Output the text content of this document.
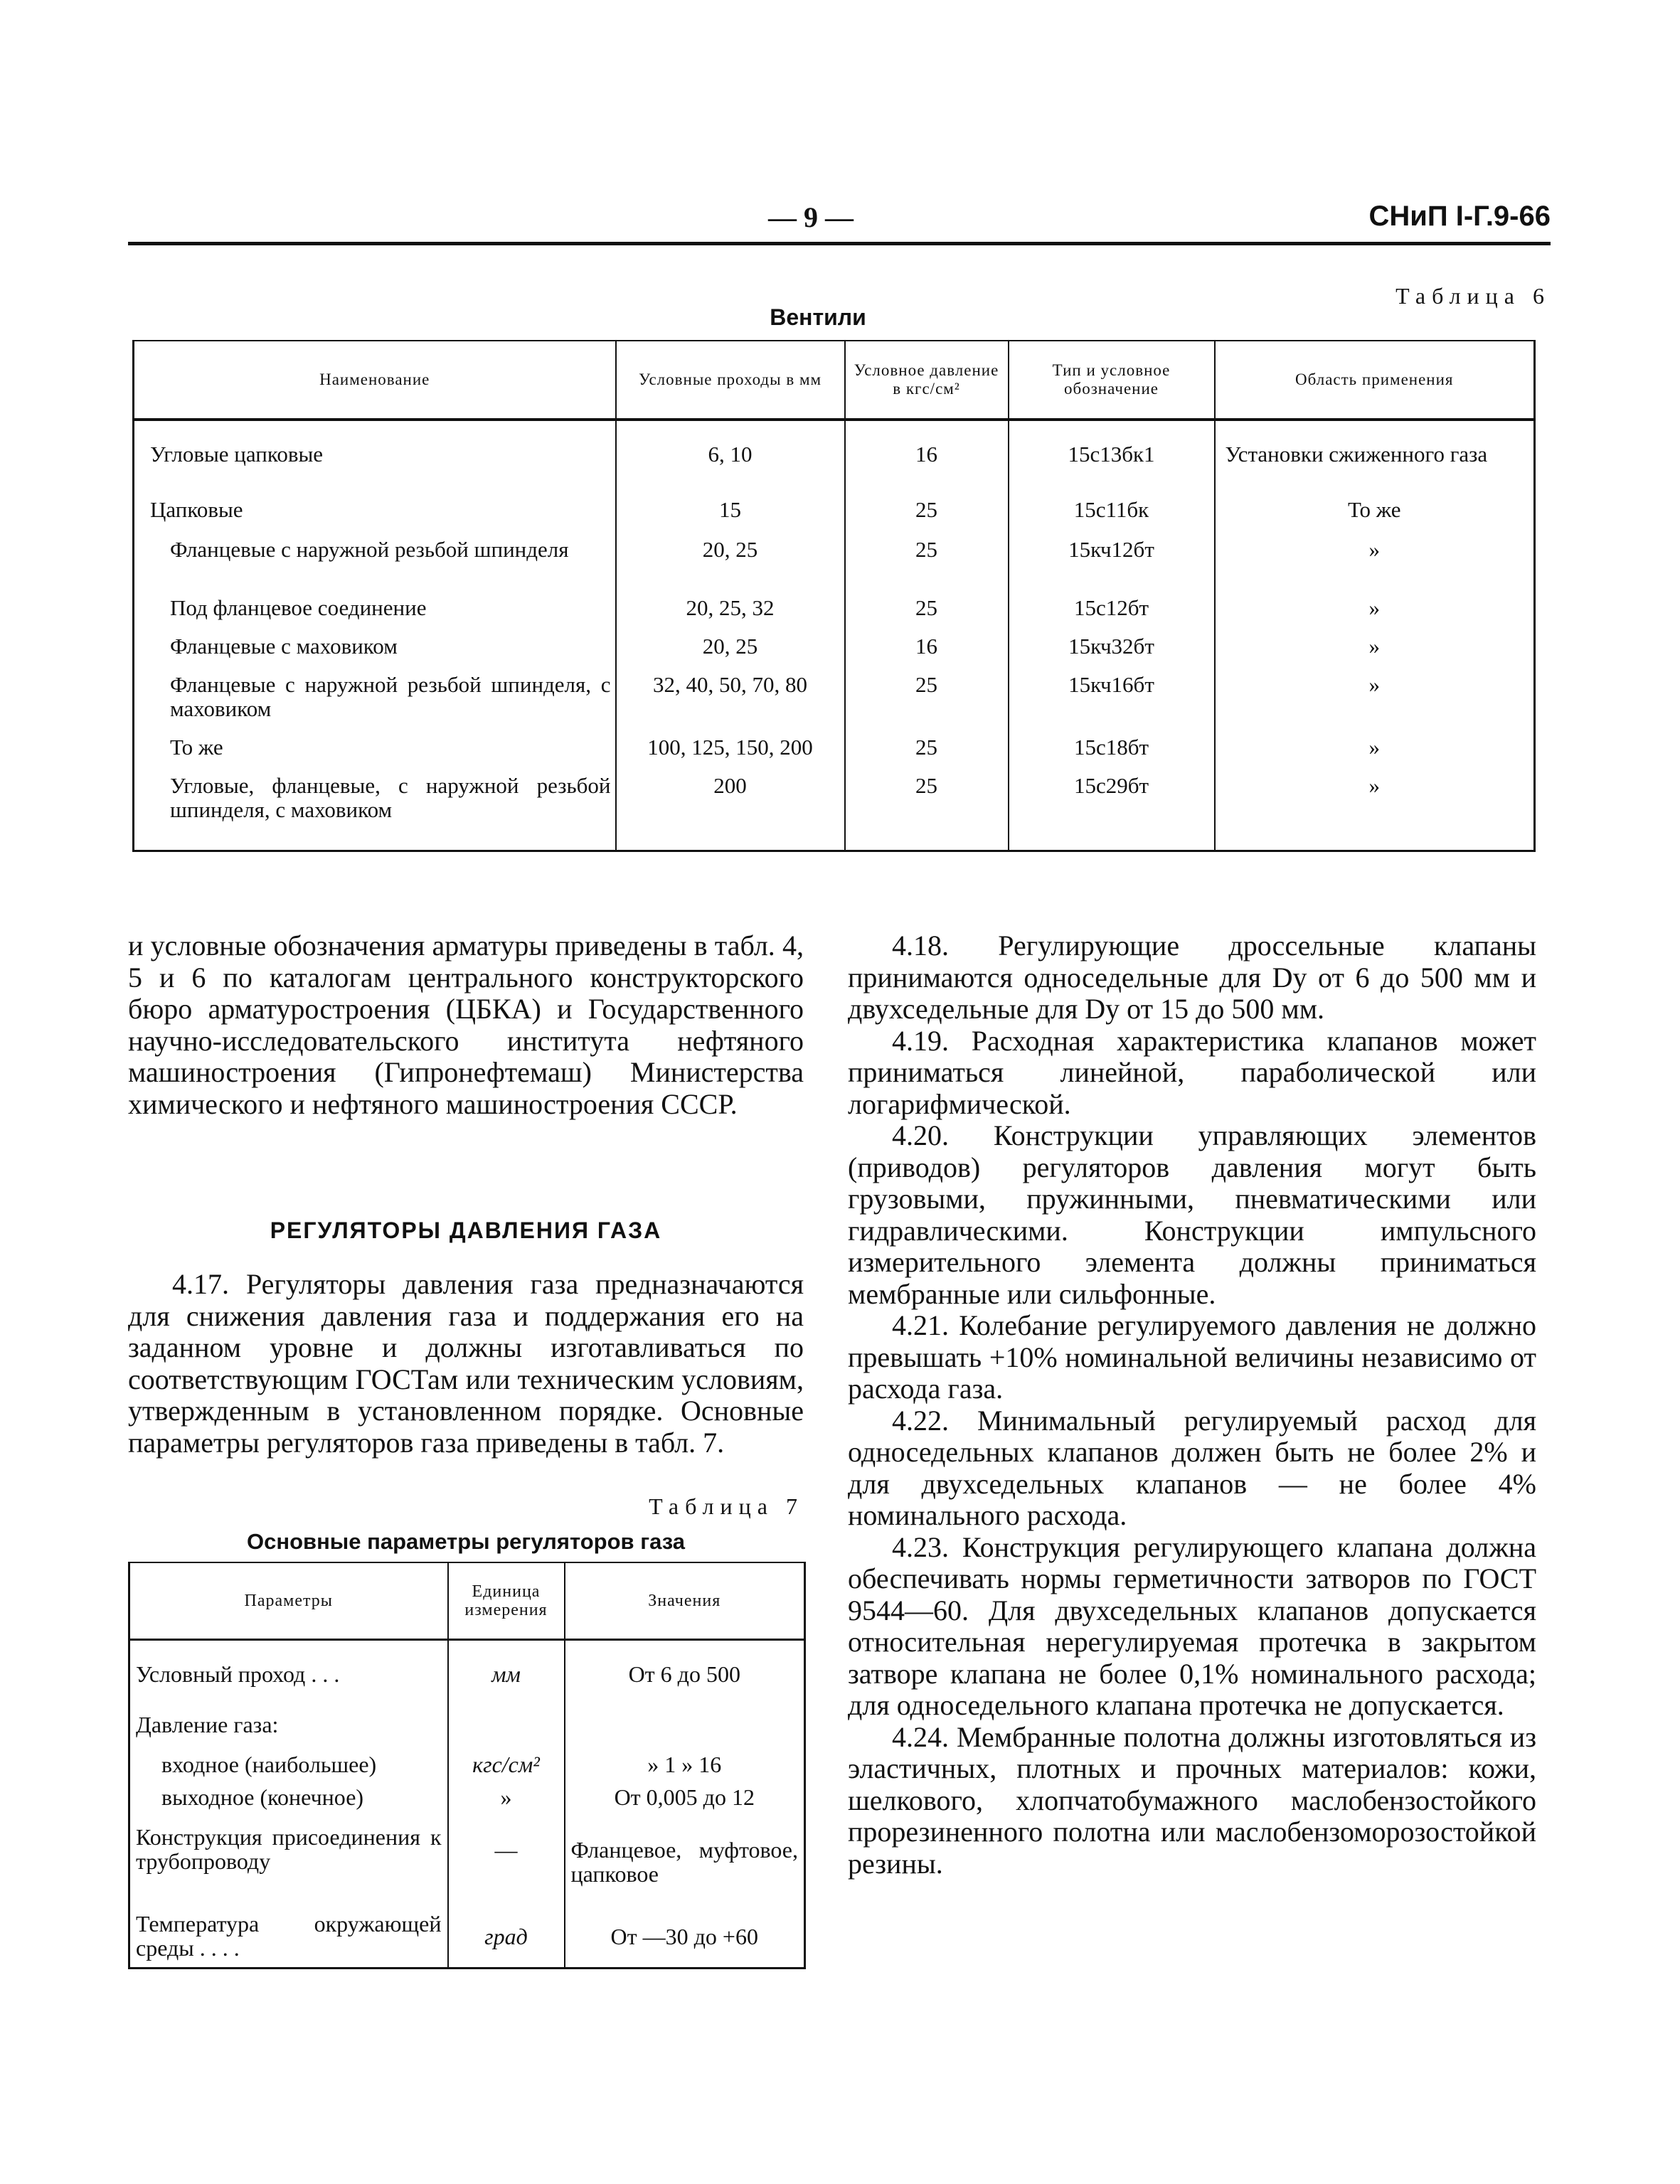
— 9 —	СНиП I-Г.9-66
Таблица 6
Вентили
Наименование	Условные проходы в мм	Условное давление в кгс/см²	Тип и условное обозначение	Область применения
Угловые цапковые	6, 10	16	15с13бк1	Установки сжиженного газа
Цапковые	15	25	15с11бк	То же
Фланцевые с наружной резьбой шпинделя	20, 25	25	15кч12бт	»
Под фланцевое соединение	20, 25, 32	25	15с12бт	»
Фланцевые с маховиком	20, 25	16	15кч32бт	»
Фланцевые с наружной резьбой шпинделя, с маховиком	32, 40, 50, 70, 80	25	15кч16бт	»
То же	100, 125, 150, 200	25	15с18бт	»
Угловые, фланцевые, с наружной резьбой шпинделя, с маховиком	200	25	15с29бт	»

и условные обозначения арматуры приведены в табл. 4, 5 и 6 по каталогам центрального конструкторского бюро арматуростроения (ЦБКА) и Государственного научно-исследовательского института нефтяного машиностроения (Гипронефтемаш) Министерства химического и нефтяного машиностроения СССР.

РЕГУЛЯТОРЫ ДАВЛЕНИЯ ГАЗА

4.17. Регуляторы давления газа предназначаются для снижения давления газа и поддержания его на заданном уровне и должны изготавливаться по соответствующим ГОСТам или техническим условиям, утвержденным в установленном порядке. Основные параметры регуляторов газа приведены в табл. 7.

Таблица 7
Основные параметры регуляторов газа
Параметры	Единица измерения	Значения
Условный проход . . .	мм	От 6 до 500
Давление газа:		
входное (наибольшее)	кгс/см²	» 1 » 16
выходное (конечное)	»	От 0,005 до 12
Конструкция присоединения к трубопроводу	—	Фланцевое, муфтовое, цапковое
Температура окружающей среды . . . .	град	От —30 до +60

4.18. Регулирующие дроссельные клапаны принимаются односедельные для Dу от 6 до 500 мм и двухседельные для Dу от 15 до 500 мм.

4.19. Расходная характеристика клапанов может приниматься линейной, параболической или логарифмической.

4.20. Конструкции управляющих элементов (приводов) регуляторов давления могут быть грузовыми, пружинными, пневматическими или гидравлическими. Конструкции импульсного измерительного элемента должны приниматься мембранные или сильфонные.

4.21. Колебание регулируемого давления не должно превышать +10% номинальной величины независимо от расхода газа.

4.22. Минимальный регулируемый расход для односедельных клапанов должен быть не более 2% и для двухседельных клапанов — не более 4% номинального расхода.

4.23. Конструкция регулирующего клапана должна обеспечивать нормы герметичности затворов по ГОСТ 9544—60. Для двухседельных клапанов допускается относительная нерегулируемая протечка в закрытом затворе клапана не более 0,1% номинального расхода; для односедельного клапана протечка не допускается.

4.24. Мембранные полотна должны изготовляться из эластичных, плотных и прочных материалов: кожи, шелкового, хлопчатобумажного маслобензостойкого прорезиненного полотна или маслобензоморозостойкой резины.
